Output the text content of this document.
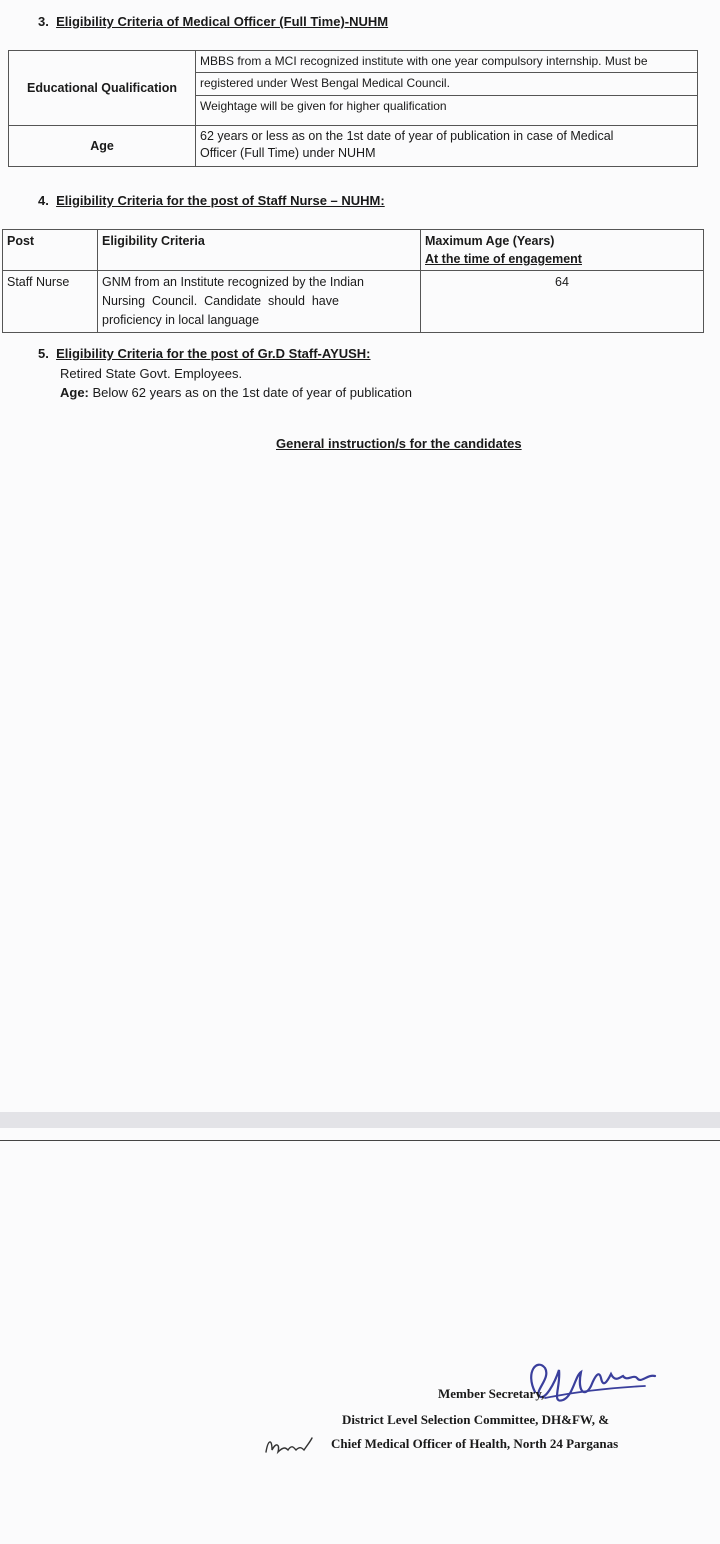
3. Eligibility Criteria of Medical Officer (Full Time)-NUHM
Educational Qualification	MBBS from a MCI recognized institute with one year compulsory internship. Must be
registered under West Bengal Medical Council.
Weightage will be given for higher qualification

Age	62 years or less as on the 1st date of year of publication in case of Medical
Officer (Full Time) under NUHM
4. Eligibility Criteria for the post of Staff Nurse – NUHM:
Post	Eligibility Criteria	Maximum Age (Years)
At the time of engagement

Staff Nurse	GNM from an Institute recognized by the Indian
Nursing  Council.  Candidate  should  have
proficiency in local language	64
5. Eligibility Criteria for the post of Gr.D Staff-AYUSH:
Retired State Govt. Employees.
Age: Below 62 years as on the 1st date of year of publication
General instruction/s for the candidates
Member Secretary,
District Level Selection Committee, DH&FW, &
Chief Medical Officer of Health, North 24 Parganas
